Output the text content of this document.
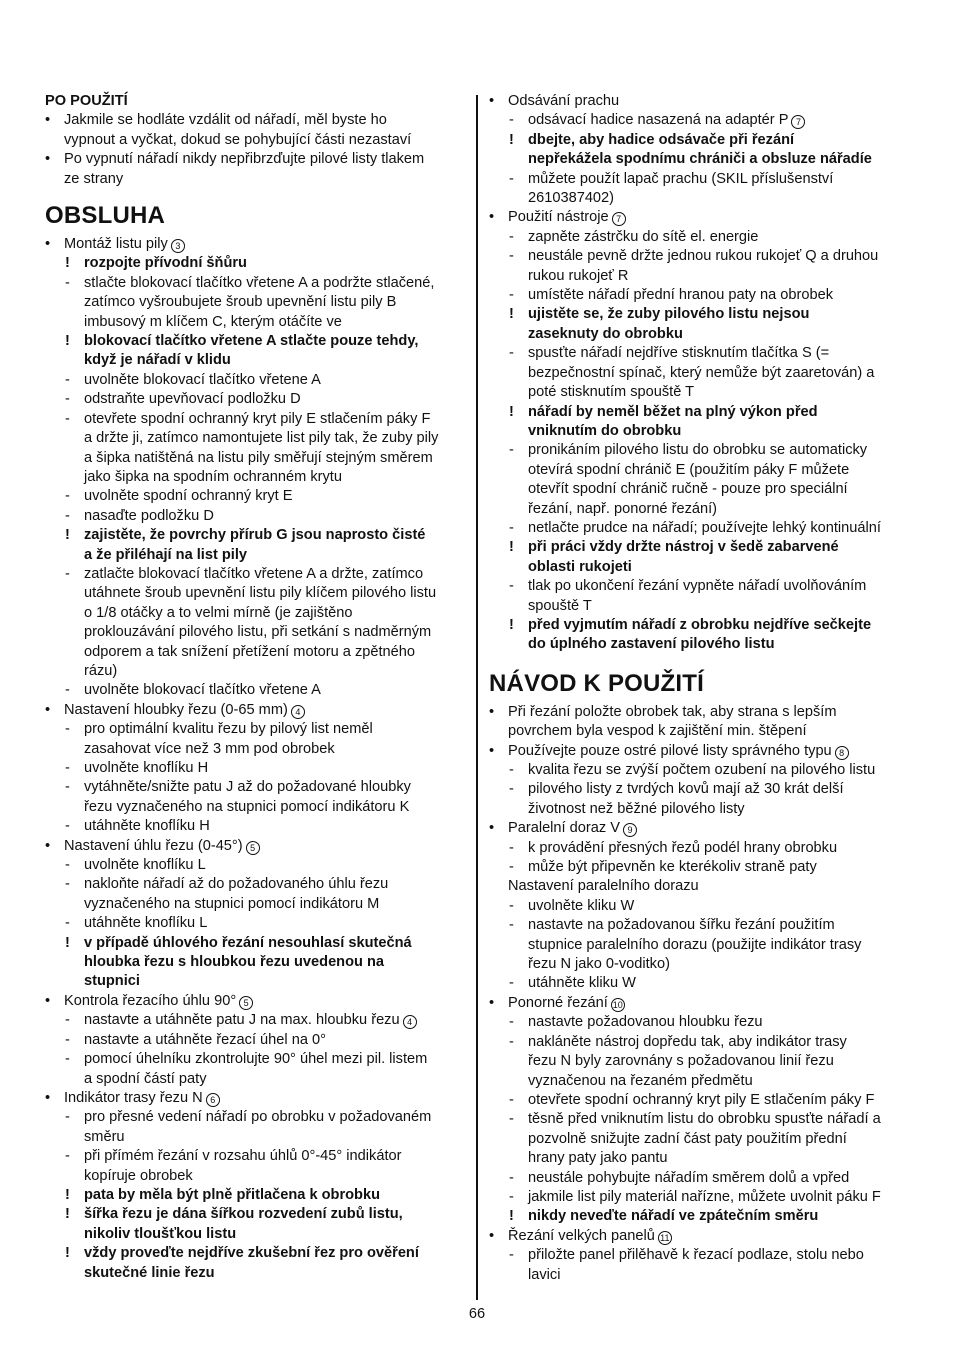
PO POUŽITÍ
• Jakmile se hodláte vzdálit od nářadí, měl byste ho
vypnout a vyčkat, dokud se pohybující části nezastaví
• Po vypnutí nářadí nikdy nepřibrzďujte pilové listy tlakem
ze strany
OBSLUHA
• Montáž listu pily 3
! rozpojte přívodní šňůru
- stlačte blokovací tlačítko vřetene A a podržte stlačené,
zatímco vyšroubujete šroub upevnění listu pily B
imbusový m klíčem C, kterým otáčíte ve
! blokovací tlačítko vřetene A stlačte pouze tehdy,
když je nářadí v klidu
- uvolněte blokovací tlačítko vřetene A
- odstraňte upevňovací podložku D
- otevřete spodní ochranný kryt pily E stlačením páky F
a držte ji, zatímco namontujete list pily tak, že zuby pily
a šipka natištěná na listu pily směřují stejným směrem
jako šipka na spodním ochranném krytu
- uvolněte spodní ochranný kryt E
- nasaďte podložku D
! zajistěte, že povrchy přírub G jsou naprosto čisté
a že přiléhají na list pily
- zatlačte blokovací tlačítko vřetene A a držte, zatímco
utáhnete šroub upevnění listu pily klíčem pilového listu
o 1/8 otáčky a to velmi mírně (je zajištěno
proklouzávání pilového listu, při setkání s nadměrným
odporem a tak snížení přetížení motoru a zpětného
rázu)
- uvolněte blokovací tlačítko vřetene A
• Nastavení hloubky řezu (0-65 mm) 4
- pro optimální kvalitu řezu by pilový list neměl
zasahovat více než 3 mm pod obrobek
- uvolněte knoflíku H
- vytáhněte/snižte patu J až do požadované hloubky
řezu vyznačeného na stupnici pomocí indikátoru K
- utáhněte knoflíku H
• Nastavení úhlu řezu (0-45°) 5
- uvolněte knoflíku L
- nakloňte nářadí až do požadovaného úhlu řezu
vyznačeného na stupnici pomocí indikátoru M
- utáhněte knoflíku L
! v případě úhlového řezání nesouhlasí skutečná
hloubka řezu s hloubkou řezu uvedenou na
stupnici
• Kontrola řezacího úhlu 90° 5
- nastavte a utáhněte patu J na max. hloubku řezu 4
- nastavte a utáhněte řezací úhel na 0°
- pomocí úhelníku zkontrolujte 90° úhel mezi pil. listem
a spodní částí paty
• Indikátor trasy řezu N 6
- pro přesné vedení nářadí po obrobku v požadovaném
směru
- při přímém řezání v rozsahu úhlů 0°-45° indikátor
kopíruje obrobek
! pata by měla být plně přitlačena k obrobku
! šířka řezu je dána šířkou rozvedení zubů listu,
nikoliv tloušťkou listu
! vždy proveďte nejdříve zkušební řez pro ověření
skutečné linie řezu
• Odsávání prachu
- odsávací hadice nasazená na adaptér P 7
! dbejte, aby hadice odsávače při řezání
nepřekážela spodnímu chrániči a obsluze nářadíe
- můžete použít lapač prachu (SKIL příslušenství
2610387402)
• Použití nástroje 7
- zapněte zástrčku do sítě el. energie
- neustále pevně držte jednou rukou rukojeť Q a druhou
rukou rukojeť R
- umístěte nářadí přední hranou paty na obrobek
! ujistěte se, že zuby pilového listu nejsou
zaseknuty do obrobku
- spusťte nářadí nejdříve stisknutím tlačítka S (=
bezpečnostní spínač, který nemůže být zaaretován) a
poté stisknutím spouště T
! nářadí by neměl běžet na plný výkon před
vniknutím do obrobku
- pronikáním pilového listu do obrobku se automaticky
otevírá spodní chránič E (použitím páky F můžete
otevřít spodní chránič ručně - pouze pro speciální
řezání, např. ponorné řezání)
- netlačte prudce na nářadí; používejte lehký kontinuální
! při práci vždy držte nástroj v šedě zabarvené
oblasti rukojeti
- tlak po ukončení řezání vypněte nářadí uvolňováním
spouště T
! před vyjmutím nářadí z obrobku nejdříve sečkejte
do úplného zastavení pilového listu
NÁVOD K POUŽITÍ
• Při řezání položte obrobek tak, aby strana s lepším
povrchem byla vespod k zajištění min. štěpení
• Používejte pouze ostré pilové listy správného typu 8
- kvalita řezu se zvýší počtem ozubení na pilového listu
- pilového listy z tvrdých kovů mají až 30 krát delší
životnost než běžné pilového listy
• Paralelní doraz V 9
- k provádění přesných řezů podél hrany obrobku
- může být připevněn ke kterékoliv straně paty
Nastavení paralelního dorazu
- uvolněte kliku W
- nastavte na požadovanou šířku řezání použitím
stupnice paralelního dorazu (použijte indikátor trasy
řezu N jako 0-voditko)
- utáhněte kliku W
• Ponorné řezání 10
- nastavte požadovanou hloubku řezu
- nakláněte nástroj dopředu tak, aby indikátor trasy
řezu N byly zarovnány s požadovanou linií řezu
vyznačenou na řezaném předmětu
- otevřete spodní ochranný kryt pily E stlačením páky F
- těsně před vniknutím listu do obrobku spusťte nářadí a
pozvolně snižujte zadní část paty použitím přední
hrany paty jako pantu
- neustále pohybujte nářadím směrem dolů a vpřed
- jakmile list pily materiál nařízne, můžete uvolnit páku F
! nikdy neveďte nářadí ve zpátečním směru
• Řezání velkých panelů 11
- přiložte panel přilěhavě k řezací podlaze, stolu nebo
lavici
66
